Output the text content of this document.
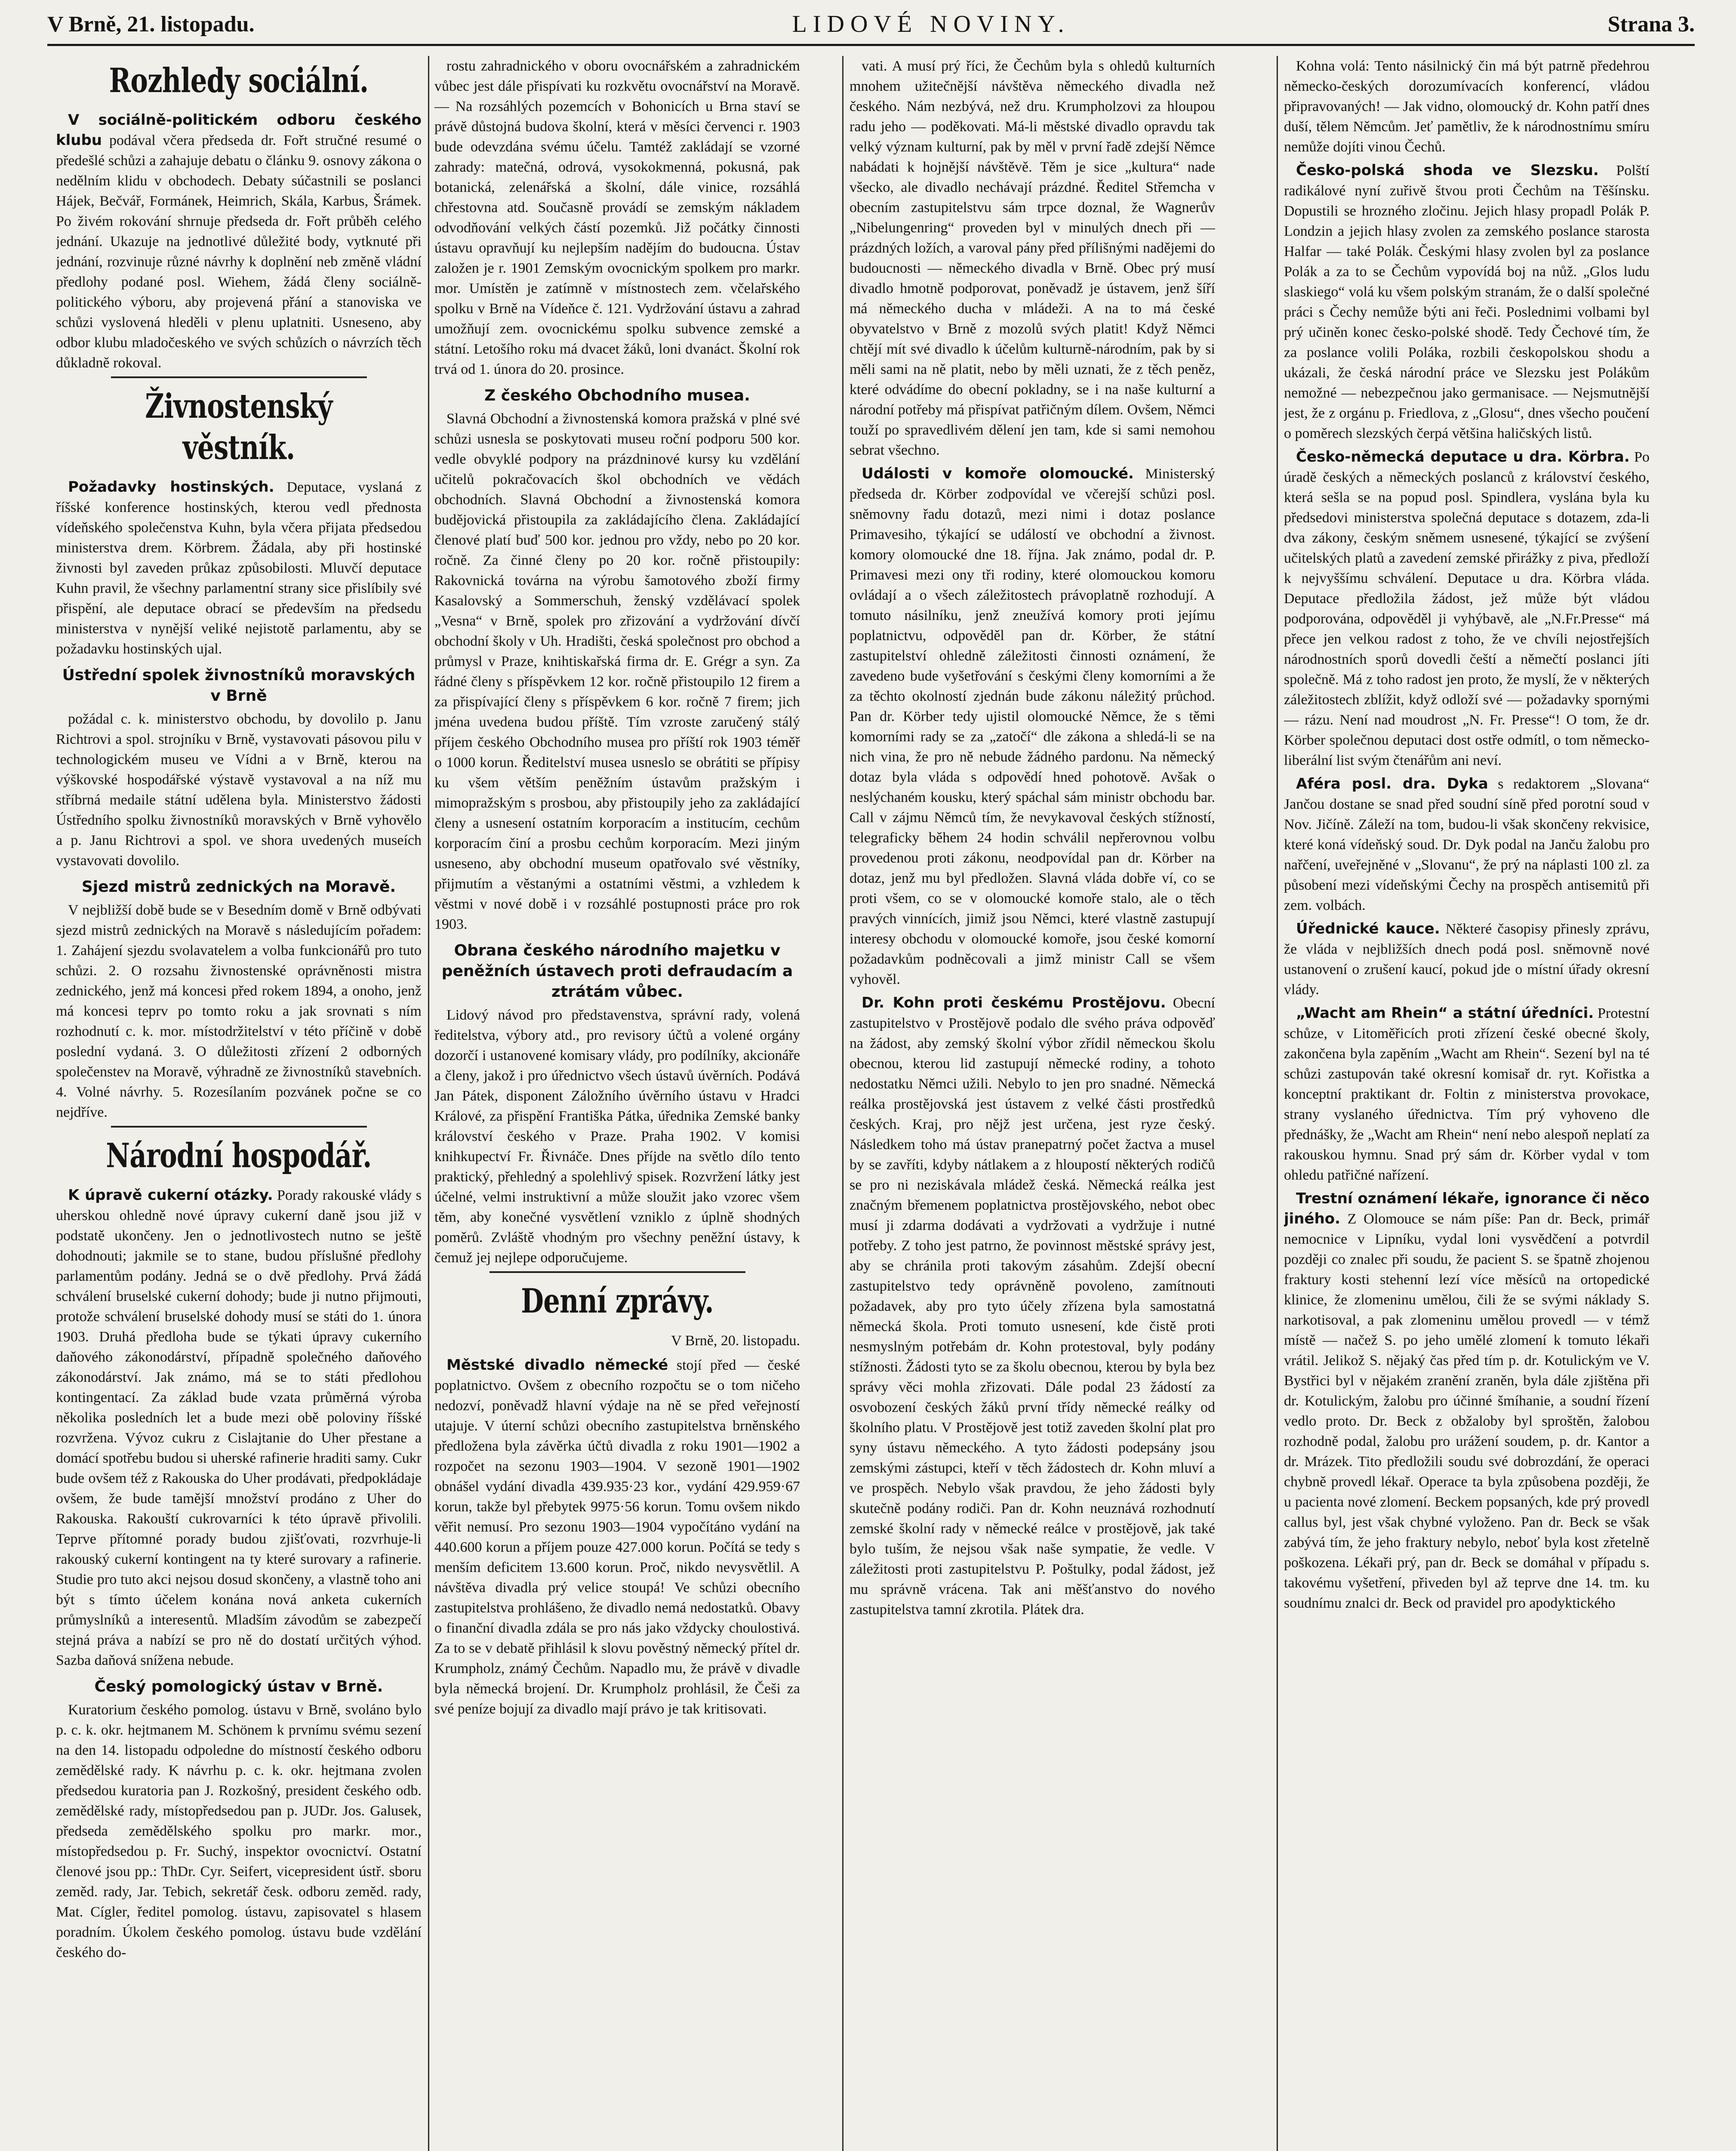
V Brně, 21. listopadu.	LIDOVÉ NOVINY.	Strana 3.
Rozhledy sociální.

V sociálně-politickém odboru českého klubu podával včera předseda dr. Fořt stručné resumé o předešlé schůzi a zahajuje debatu o článku 9. osnovy zákona o nedělním klidu v obchodech. Debaty súčastnili se poslanci Hájek, Bečvář, Formánek, Heimrich, Skála, Karbus, Šrámek. Po živém rokování shrnuje předseda dr. Fořt průběh celého jednání. Ukazuje na jednotlivé důležité body, vytknuté při jednání, rozvinuje různé návrhy k doplnění neb změně vládní předlohy podané posl. Wiehem, žádá členy sociálně-politického výboru, aby projevená přání a stanoviska ve schůzi vyslovená hleděli v plenu uplatniti. Usneseno, aby odbor klubu mladočeského ve svých schůzích o návrzích těch důkladně rokoval.

Živnostenský věstník.

Požadavky hostinských. Deputace, vyslaná z říšské konference hostinských, kterou vedl přednosta vídeňského společenstva Kuhn, byla včera přijata předsedou ministerstva drem. Körbrem. Žádala, aby při hostinské živnosti byl zaveden průkaz způsobilosti. Mluvčí deputace Kuhn pravil, že všechny parlamentní strany sice přislíbily své přispění, ale deputace obrací se především na předsedu ministerstva v nynější veliké nejistotě parlamentu, aby se požadavku hostinských ujal.

Ústřední spolek živnostníků moravských v Brně

požádal c. k. ministerstvo obchodu, by dovolilo p. Janu Richtrovi a spol. strojníku v Brně, vystavovati pásovou pilu v technologickém museu ve Vídni a v Brně, kterou na výškovské hospodářské výstavě vystavoval a na níž mu stříbrná medaile státní udělena byla. Ministerstvo žádosti Ústředního spolku živnostníků moravských v Brně vyhovělo a p. Janu Richtrovi a spol. ve shora uvedených museích vystavovati dovolilo.

Sjezd mistrů zednických na Moravě.

V nejbližší době bude se v Besedním domě v Brně odbývati sjezd mistrů zednických na Moravě s následujícím pořadem: 1. Zahájení sjezdu svolavatelem a volba funkcionářů pro tuto schůzi. 2. O rozsahu živnostenské oprávněnosti mistra zednického, jenž má koncesi před rokem 1894, a onoho, jenž má koncesi teprv po tomto roku a jak srovnati s ním rozhodnutí c. k. mor. místodržitelství v této příčině v době poslední vydaná. 3. O důležitosti zřízení 2 odborných společenstev na Moravě, výhradně ze živnostníků stavebních. 4. Volné návrhy. 5. Rozesílaním pozvánek počne se co nejdříve.

Národní hospodář.

K úpravě cukerní otázky. Porady rakouské vlády s uherskou ohledně nové úpravy cukerní daně jsou již v podstatě ukončeny. Jen o jednotlivostech nutno se ještě dohodnouti; jakmile se to stane, budou příslušné předlohy parlamentům podány. Jedná se o dvě předlohy. Prvá žádá schválení bruselské cukerní dohody; bude ji nutno přijmouti, protože schválení bruselské dohody musí se státi do 1. února 1903. Druhá předloha bude se týkati úpravy cukerního daňového zákonodárství, případně společného daňového zákonodárství. Jak známo, má se to státi předlohou kontingentací. Za základ bude vzata průměrná výroba několika posledních let a bude mezi obě poloviny říšské rozvržena. Vývoz cukru z Cislajtanie do Uher přestane a domácí spotřebu budou si uherské rafinerie hraditi samy. Cukr bude ovšem též z Rakouska do Uher prodávati, předpokládaje ovšem, že bude tamější množství prodáno z Uher do Rakouska. Rakouští cukrovarníci k této úpravě přivolili. Teprve přítomné porady budou zjišťovati, rozvrhuje-li rakouský cukerní kontingent na ty které surovary a rafinerie. Studie pro tuto akci nejsou dosud skončeny, a vlastně toho ani být s tímto účelem konána nová anketa cukerních průmyslníků a interesentů. Mladším závodům se zabezpečí stejná práva a nabízí se pro ně do dostatí určitých výhod. Sazba daňová snížena nebude.

Český pomologický ústav v Brně.

Kuratorium českého pomolog. ústavu v Brně, svoláno bylo p. c. k. okr. hejtmanem M. Schönem k prvnímu svému sezení na den 14. listopadu odpoledne do místností českého odboru zemědělské rady. K návrhu p. c. k. okr. hejtmana zvolen předsedou kuratoria pan J. Rozkošný, president českého odb. zemědělské rady, místopředsedou pan p. JUDr. Jos. Galusek, předseda zemědělského spolku pro markr. mor., místopředsedou p. Fr. Suchý, inspektor ovocnictví. Ostatní členové jsou pp.: ThDr. Cyr. Seifert, vicepresident ústř. sboru zeměd. rady, Jar. Tebich, sekretář česk. odboru zeměd. rady, Mat. Cígler, ředitel pomolog. ústavu, zapisovatel s hlasem poradním. Úkolem českého pomolog. ústavu bude vzdělání českého do-

rostu zahradnického v oboru ovocnářském a zahradnickém vůbec jest dále přispívati ku rozkvětu ovocnářství na Moravě. — Na rozsáhlých pozemcích v Bohonicích u Brna staví se právě důstojná budova školní, která v měsíci červenci r. 1903 bude odevzdána svému účelu. Tamtéž zakládají se vzorné zahrady: matečná, odrová, vysokokmenná, pokusná, pak botanická, zelenářská a školní, dále vinice, rozsáhlá chřestovna atd. Současně provádí se zemským nákladem odvodňování velkých částí pozemků. Již počátky činnosti ústavu opravňují ku nejlepším nadějím do budoucna. Ústav založen je r. 1901 Zemským ovocnickým spolkem pro markr. mor. Umístěn je zatímně v místnostech zem. včelařského spolku v Brně na Vídeňce č. 121. Vydržování ústavu a zahrad umožňují zem. ovocnickému spolku subvence zemské a státní. Letošího roku má dvacet žáků, loni dvanáct. Školní rok trvá od 1. února do 20. prosince.

Z českého Obchodního musea.

Slavná Obchodní a živnostenská komora pražská v plné své schůzi usnesla se poskytovati museu roční podporu 500 kor. vedle obvyklé podpory na prázdninové kursy ku vzdělání učitelů pokračovacích škol obchodních ve vědách obchodních. Slavná Obchodní a živnostenská komora budějovická přistoupila za zakládajícího člena. Zakládající členové platí buď 500 kor. jednou pro vždy, nebo po 20 kor. ročně. Za činné členy po 20 kor. ročně přistoupily: Rakovnická továrna na výrobu šamotového zboží firmy Kasalovský a Sommerschuh, ženský vzdělávací spolek „Vesna“ v Brně, spolek pro zřizování a vydržování dívčí obchodní školy v Uh. Hradišti, česká společnost pro obchod a průmysl v Praze, knihtiskařská firma dr. E. Grégr a syn. Za řádné členy s příspěvkem 12 kor. ročně přistoupilo 12 firem a za přispívající členy s příspěvkem 6 kor. ročně 7 firem; jich jména uvedena budou příště. Tím vzroste zaručený stálý příjem českého Obchodního musea pro příští rok 1903 téměř o 1000 korun. Ředitelství musea usneslo se obrátiti se přípisy ku všem větším peněžním ústavům pražským i mimopražským s prosbou, aby přistoupily jeho za zakládající členy a usnesení ostatním korporacím a institucím, cechům korporacím činí a prosbu cechům korporacím. Mezi jiným usneseno, aby obchodní museum opatřovalo své věstníky, přijmutím a věstanými a ostatními věstmi, a vzhledem k věstmi v nové době i v rozsáhlé postupnosti práce pro rok 1903.

Obrana českého národního majetku v peněžních ústavech proti defraudacím a ztrátám vůbec.

Lidový návod pro představenstva, správní rady, volená ředitelstva, výbory atd., pro revisory účtů a volené orgány dozorčí i ustanovené komisary vlády, pro podílníky, akcionáře a členy, jakož i pro úřednictvo všech ústavů úvěrních. Podává Jan Pátek, disponent Záložního úvěrního ústavu v Hradci Králové, za přispění Františka Pátka, úřednika Zemské banky království českého v Praze. Praha 1902. V komisi knihkupectví Fr. Řivnáče. Dnes příjde na světlo dílo tento praktický, přehledný a spolehlivý spisek. Rozvržení látky jest účelné, velmi instruktivní a může sloužit jako vzorec všem těm, aby konečné vysvětlení vzniklo z úplně shodných poměrů. Zvláště vhodným pro všechny peněžní ústavy, k čemuž jej nejlepe odporučujeme.

Denní zprávy.
V Brně, 20. listopadu.

Městské divadlo německé stojí před — české poplatnictvo. Ovšem z obecního rozpočtu se o tom ničeho nedozví, poněvadž hlavní výdaje na ně se před veřejností utajuje. V úterní schůzi obecního zastupitelstva brněnského předložena byla závěrka účtů divadla z roku 1901—1902 a rozpočet na sezonu 1903—1904. V sezoně 1901—1902 obnášel vydání divadla 439.935·23 kor., vydání 429.959·67 korun, takže byl přebytek 9975·56 korun. Tomu ovšem nikdo věřit nemusí. Pro sezonu 1903—1904 vypočítáno vydání na 440.600 korun a příjem pouze 427.000 korun. Počítá se tedy s menším deficitem 13.600 korun. Proč, nikdo nevysvětlil. A návštěva divadla prý velice stoupá! Ve schůzi obecního zastupitelstva prohlášeno, že divadlo nemá nedostatků. Obavy o finanční divadla zdála se pro nás jako vždycky choulostivá. Za to se v debatě přihlásil k slovu pověstný německý přítel dr. Krumpholz, známý Čechům. Napadlo mu, že právě v divadle byla německá brojení. Dr. Krumpholz prohlásil, že Češi za své peníze bojují za divadlo mají právo je tak kritisovati.

vati. A musí prý říci, že Čechům byla s ohledů kulturních mnohem užitečnější návštěva německého divadla než českého. Nám nezbývá, než dru. Krumpholzovi za hloupou radu jeho — poděkovati. Má-li městské divadlo opravdu tak velký význam kulturní, pak by měl v první řadě zdejší Němce nabádati k hojnější návštěvě. Těm je sice „kultura“ nade všecko, ale divadlo nechávají prázdné. Ředitel Střemcha v obecním zastupitelstvu sám trpce doznal, že Wagnerův „Nibelungenring“ proveden byl v minulých dnech při — prázdných ložích, a varoval pány před přílišnými nadějemi do budoucnosti — německého divadla v Brně. Obec prý musí divadlo hmotně podporovat, poněvadž je ústavem, jenž šíří má německého ducha v mládeži. A na to má české obyvatelstvo v Brně z mozolů svých platit! Když Němci chtějí mít své divadlo k účelům kulturně-národním, pak by si měli sami na ně platit, nebo by měli uznati, že z těch peněz, které odvádíme do obecní pokladny, se i na naše kulturní a národní potřeby má přispívat patřičným dílem. Ovšem, Němci touží po spravedlivém dělení jen tam, kde si sami nemohou sebrat všechno.

Události v komoře olomoucké. Ministerský předseda dr. Körber zodpovídal ve včerejší schůzi posl. sněmovny řadu dotazů, mezi nimi i dotaz poslance Primavesiho, týkající se událostí ve obchodní a živnost. komory olomoucké dne 18. října. Jak známo, podal dr. P. Primavesi mezi ony tři rodiny, které olomouckou komoru ovládají a o všech záležitostech právoplatně rozhodují. A tomuto násilníku, jenž zneužívá komory proti jejímu poplatnictvu, odpověděl pan dr. Körber, že státní zastupitelství ohledně záležitosti činnosti oznámení, že zavedeno bude vyšetřování s českými členy komorními a že za těchto okolností zjednán bude zákonu náležitý průchod. Pan dr. Körber tedy ujistil olomoucké Němce, že s těmi komorními rady se za „zatočí“ dle zákona a shledá-li se na nich vina, že pro ně nebude žádného pardonu. Na německý dotaz byla vláda s odpovědí hned pohotově. Avšak o neslýchaném kousku, který spáchal sám ministr obchodu bar. Call v zájmu Němců tím, že nevykavoval českých stížností, telegraficky během 24 hodin schválil nepřerovnou volbu provedenou proti zákonu, neodpovídal pan dr. Körber na dotaz, jenž mu byl předložen. Slavná vláda dobře ví, co se proti všem, co se v olomoucké komoře stalo, ale o těch pravých vinnících, jimiž jsou Němci, které vlastně zastupují interesy obchodu v olomoucké komoře, jsou české komorní požadavkům podněcovali a jimž ministr Call se všem vyhověl.

Dr. Kohn proti českému Prostějovu. Obecní zastupitelstvo v Prostějově podalo dle svého práva odpověď na žádost, aby zemský školní výbor zřídil německou školu obecnou, kterou lid zastupují německé rodiny, a tohoto nedostatku Němci užili. Nebylo to jen pro snadné. Německá reálka prostějovská jest ústavem z velké části prostředků českých. Kraj, pro nějž jest určena, jest ryze český. Následkem toho má ústav pranepatrný počet žactva a musel by se zavříti, kdyby nátlakem a z hloupostí některých rodičů se pro ni neziskávala mládež česká. Německá reálka jest značným břemenem poplatnictva prostějovského, nebot obec musí ji zdarma dodávati a vydržovati a vydržuje i nutné potřeby. Z toho jest patrno, že povinnost městské správy jest, aby se chránila proti takovým zásahům. Zdejší obecní zastupitelstvo tedy oprávněně povoleno, zamítnouti požadavek, aby pro tyto účely zřízena byla samostatná německá škola. Proti tomuto usnesení, kde čistě proti nesmyslným potřebám dr. Kohn protestoval, byly podány stížnosti. Žádosti tyto se za školu obecnou, kterou by byla bez správy věci mohla zřizovati. Dále podal 23 žádostí za osvobození českých žáků první třídy německé reálky od školního platu. V Prostějově jest totiž zaveden školní plat pro syny ústavu německého. A tyto žádosti podepsány jsou zemskými zástupci, kteří v těch žádostech dr. Kohn mluví a ve prospěch. Nebylo však pravdou, že jeho žádosti byly skutečně podány rodiči. Pan dr. Kohn neuznává rozhodnutí zemské školní rady v německé reálce v prostějově, jak také bylo tuším, že nejsou však naše sympatie, že vedle. V záležitosti proti zastupitelstvu P. Poštulky, podal žádost, jež mu správně vrácena. Tak ani měšťanstvo do nového zastupitelstva tamní zkrotila. Plátek dra.

Kohna volá: Tento násilnický čin má být patrně předehrou německo-českých dorozumívacích konferencí, vládou připravovaných! — Jak vidno, olomoucký dr. Kohn patří dnes duší, tělem Němcům. Jeť pamětliv, že k národnostnímu smíru nemůže dojíti vinou Čechů.

Česko-polská shoda ve Slezsku. Polští radikálové nyní zuřivě štvou proti Čechům na Těšínsku. Dopustili se hrozného zločinu. Jejich hlasy propadl Polák P. Londzin a jejich hlasy zvolen za zemského poslance starosta Halfar — také Polák. Českými hlasy zvolen byl za poslance Polák a za to se Čechům vypovídá boj na nůž. „Glos ludu slaskiego“ volá ku všem polským stranám, že o další společné práci s Čechy nemůže býti ani řeči. Poslednimi volbami byl prý učiněn konec česko-polské shodě. Tedy Čechové tím, že za poslance volili Poláka, rozbili českopolskou shodu a ukázali, že česká národní práce ve Slezsku jest Polákům nemožné — nebezpečnou jako germanisace. — Nejsmutnější jest, že z orgánu p. Friedlova, z „Glosu“, dnes všecho poučení o poměrech slezských čerpá většina haličských listů.

Česko-německá deputace u dra. Körbra. Po úradě českých a německých poslanců z království českého, která sešla se na popud posl. Spindlera, vyslána byla ku předsedovi ministerstva společná deputace s dotazem, zda-li dva zákony, českým sněmem usnesené, týkající se zvýšení učitelských platů a zavedení zemské přirážky z piva, předloží k nejvyššímu schválení. Deputace u dra. Körbra vláda. Deputace předložila žádost, jež může být vládou podporována, odpověděl ji vyhýbavě, ale „N.Fr.Presse“ má přece jen velkou radost z toho, že ve chvíli nejostřejších národnostních sporů dovedli čeští a němečtí poslanci jíti společně. Má z toho radost jen proto, že myslí, že v některých záležitostech zblížit, když odloží své — požadavky spornými — rázu. Není nad moudrost „N. Fr. Presse“! O tom, že dr. Körber společnou deputaci dost ostře odmítl, o tom německo-liberální list svým čtenářům ani neví.

Aféra posl. dra. Dyka s redaktorem „Slovana“ Jančou dostane se snad před soudní síně před porotní soud v Nov. Jičíně. Záleží na tom, budou-li však skončeny rekvisice, které koná vídeňský soud. Dr. Dyk podal na Janču žalobu pro nařčení, uveřejněné v „Slovanu“, že prý na náplasti 100 zl. za působení mezi vídeňskými Čechy na prospěch antisemitů při zem. volbách.

Úřednické kauce. Některé časopisy přinesly zprávu, že vláda v nejbližších dnech podá posl. sněmovně nové ustanovení o zrušení kaucí, pokud jde o místní úřady okresní vlády.

„Wacht am Rhein“ a státní úředníci. Protestní schůze, v Litoměřicích proti zřízení české obecné školy, zakončena byla zapěním „Wacht am Rhein“. Sezení byl na té schůzi zastupován také okresní komisař dr. ryt. Kořistka a konceptní praktikant dr. Foltin z ministerstva provokace, strany vyslaného úřednictva. Tím prý vyhoveno dle přednášky, že „Wacht am Rhein“ není nebo alespoň neplatí za rakouskou hymnu. Snad prý sám dr. Körber vydal v tom ohledu patřičné nařízení.

Trestní oznámení lékaře, ignorance či něco jiného. Z Olomouce se nám píše: Pan dr. Beck, primář nemocnice v Lipníku, vydal loni vysvědčení a potvrdil později co znalec při soudu, že pacient S. se špatně zhojenou fraktury kosti stehenní lezí více měsíců na ortopedické klinice, že zlomeninu umělou, čili že se svými náklady S. narkotisoval, a pak zlomeninu umělou provedl — v témž místě — načež S. po jeho umělé zlomení k tomuto lékaři vrátil. Jelikož S. nějaký čas před tím p. dr. Kotulickým ve V. Bystřici byl v nějakém zranění zraněn, byla dále zjištěna při dr. Kotulickým, žalobu pro účinné šmíhanie, a soudní řízení vedlo proto. Dr. Beck z obžaloby byl sproštěn, žalobou rozhodně podal, žalobu pro urážení soudem, p. dr. Kantor a dr. Mrázek. Tito předložili soudu své dobrozdání, že operaci chybně provedl lékař. Operace ta byla způsobena později, že u pacienta nové zlomení. Beckem popsaných, kde prý provedl callus byl, jest však chybné vyloženo. Pan dr. Beck se však zabývá tím, že jeho fraktury nebylo, neboť byla kost zřetelně poškozena. Lékaři prý, pan dr. Beck se domáhal v případu s. takovému vyšetření, přiveden byl až teprve dne 14. tm. ku soudnímu znalci dr. Beck od pravidel pro apodyktického
